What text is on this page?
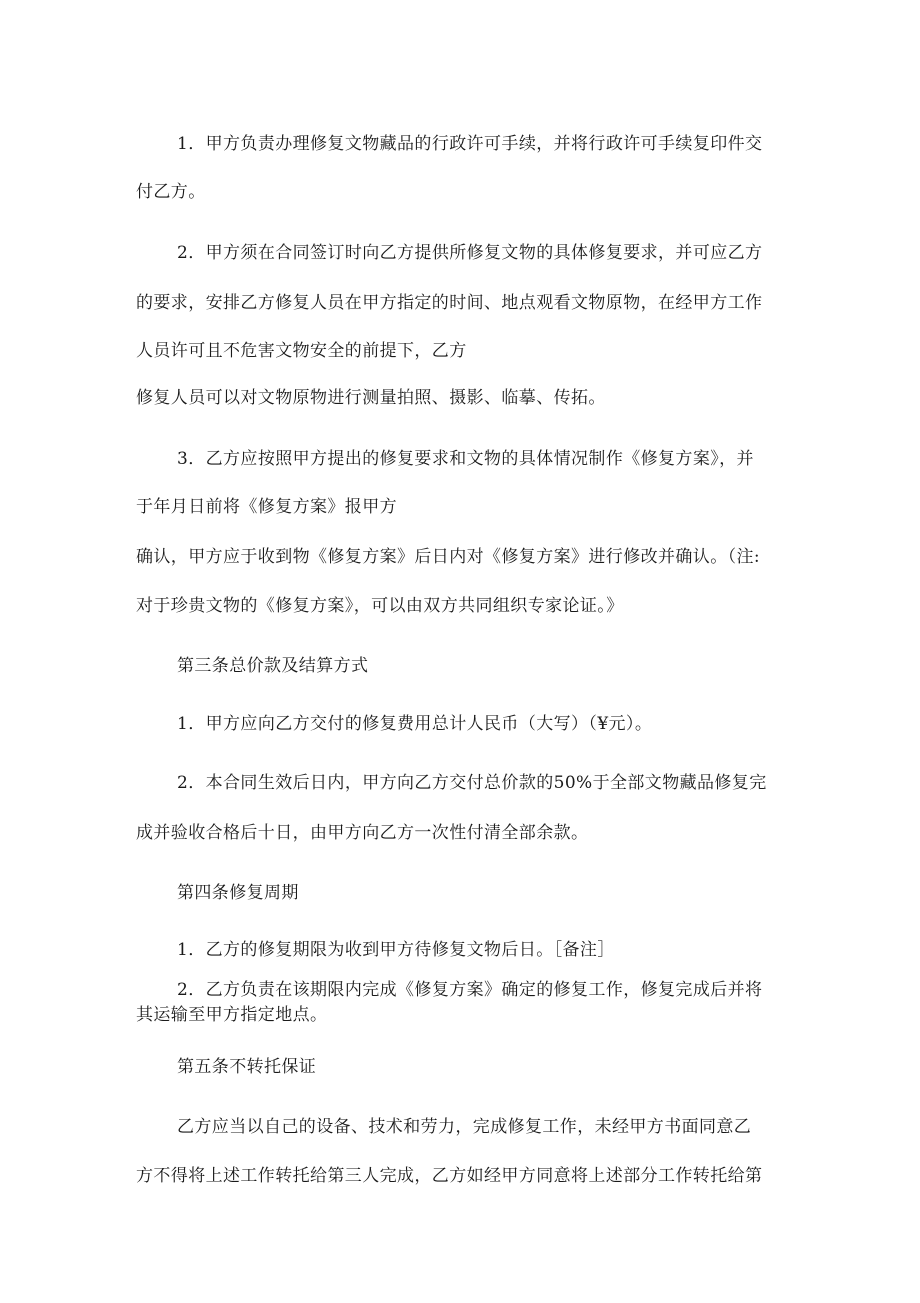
1．甲方负责办理修复文物藏品的行政许可手续，并将行政许可手续复印件交
付乙方。
2．甲方须在合同签订时向乙方提供所修复文物的具体修复要求，并可应乙方
的要求，安排乙方修复人员在甲方指定的时间、地点观看文物原物，在经甲方工作
人员许可且不危害文物安全的前提下，乙方
修复人员可以对文物原物进行测量拍照、摄影、临摹、传拓。
3．乙方应按照甲方提出的修复要求和文物的具体情况制作《修复方案》，并
于年月日前将《修复方案》报甲方
确认，甲方应于收到物《修复方案》后日内对《修复方案》进行修改并确认。（注:
对于珍贵文物的《修复方案》，可以由双方共同组织专家论证。》
第三条总价款及结算方式
1．甲方应向乙方交付的修复费用总计人民币（大写）（¥元）。
2．本合同生效后日内，甲方向乙方交付总价款的50%于全部文物藏品修复完
成并验收合格后十日，由甲方向乙方一次性付清全部余款。
第四条修复周期
1．乙方的修复期限为收到甲方待修复文物后日。［备注］
2．乙方负责在该期限内完成《修复方案》确定的修复工作，修复完成后并将
其运输至甲方指定地点。
第五条不转托保证
乙方应当以自己的设备、技术和劳力，完成修复工作，未经甲方书面同意乙
方不得将上述工作转托给第三人完成，乙方如经甲方同意将上述部分工作转托给第
